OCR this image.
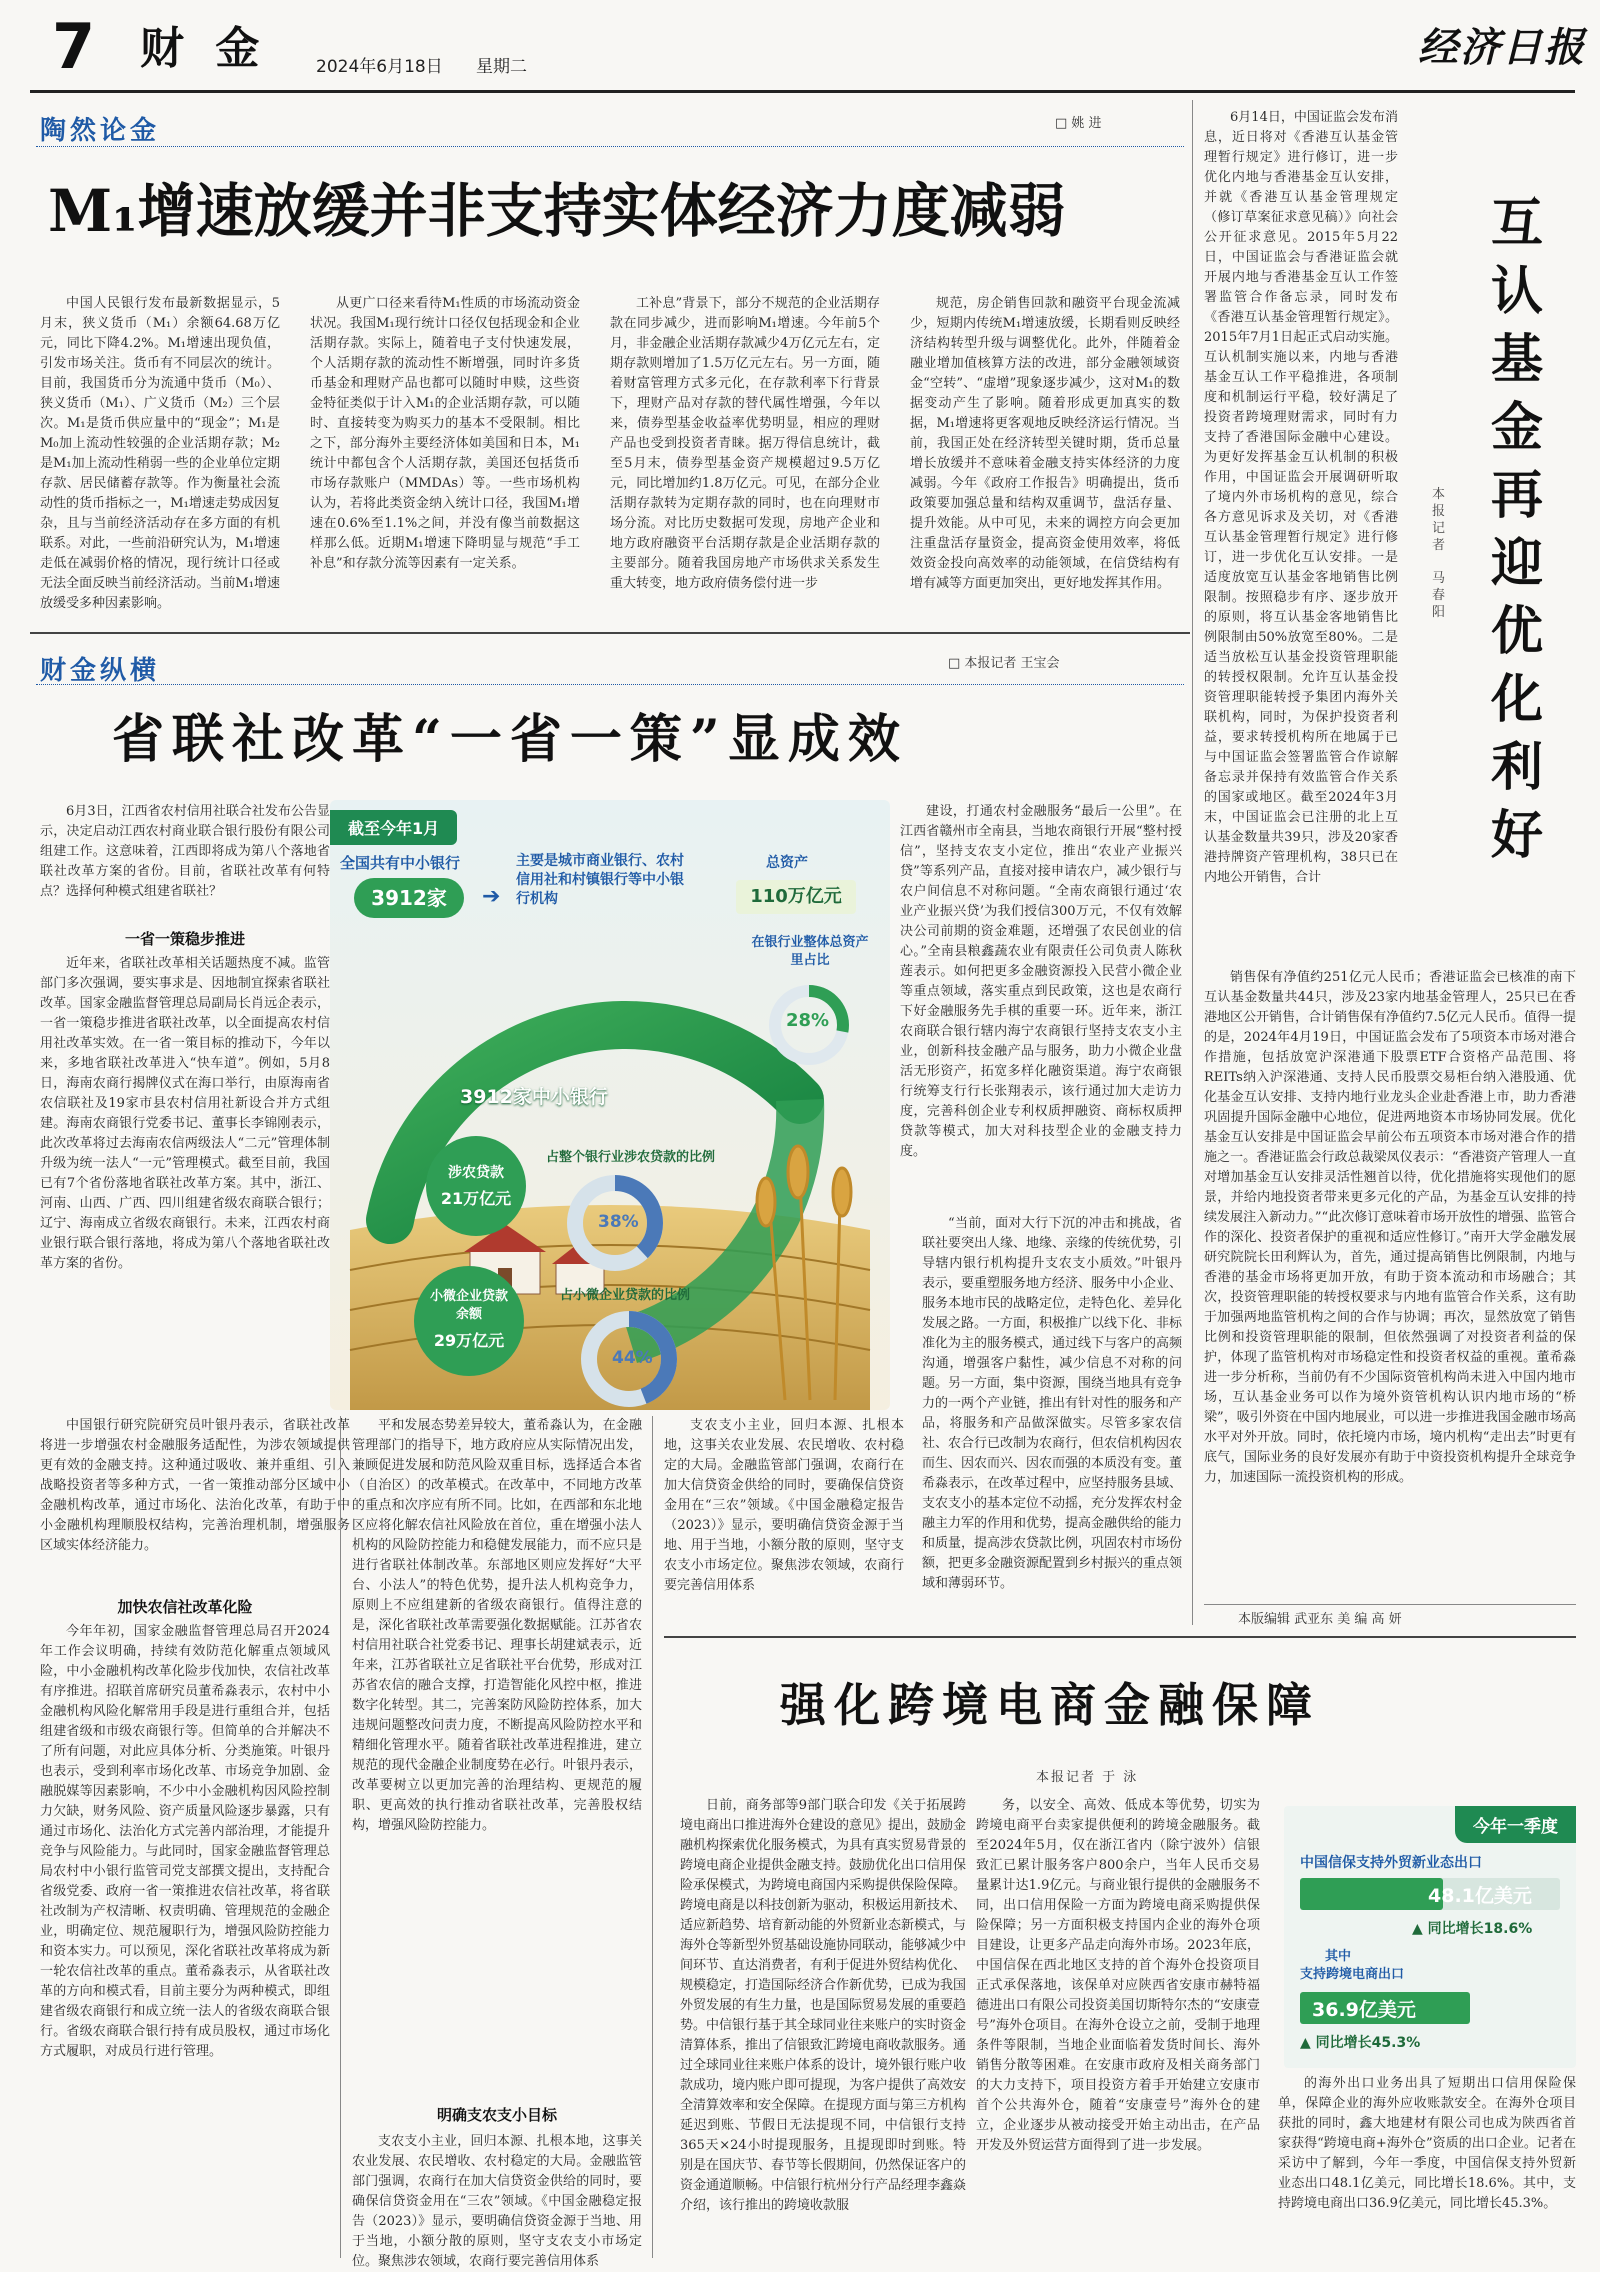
7 财 金	2024年6月18日 星期二	经济日报
陶然论金	□ 姚 进
M₁增速放缓并非支持实体经济力度减弱

中国人民银行发布最新数据显示，5月末，狭义货币（M₁）余额64.68万亿元，同比下降4.2%。M₁增速出现负值，引发市场关注。货币有不同层次的统计。目前，我国货币分为流通中货币（M₀）、狭义货币（M₁）、广义货币（M₂）三个层次。M₁是货币供应量中的“现金”；M₁是M₀加上流动性较强的企业活期存款；M₂是M₁加上流动性稍弱一些的企业单位定期存款、居民储蓄存款等。作为衡量社会流动性的货币指标之一，M₁增速走势成因复杂，且与当前经济活动存在多方面的有机联系。对此，一些前沿研究认为，M₁增速走低在减弱价格的情况，现行统计口径或无法全面反映当前经济活动。当前M₁增速放缓受多种因素影响。

从更广口径来看待M₁性质的市场流动资金状况。我国M₁现行统计口径仅包括现金和企业活期存款。实际上，随着电子支付快速发展，个人活期存款的流动性不断增强，同时许多货币基金和理财产品也都可以随时申赎，这些资金特征类似于计入M₁的企业活期存款，可以随时、直接转变为购买力的基本不受限制。相比之下，部分海外主要经济体如美国和日本，M₁统计中都包含个人活期存款，美国还包括货币市场存款账户（MMDAs）等。一些市场机构认为，若将此类资金纳入统计口径，我国M₁增速在0.6%至1.1%之间，并没有像当前数据这样那么低。近期M₁增速下降明显与规范“手工补息”和存款分流等因素有一定关系。

工补息”背景下，部分不规范的企业活期存款在同步减少，进而影响M₁增速。今年前5个月，非金融企业活期存款减少4万亿元左右，定期存款则增加了1.5万亿元左右。另一方面，随着财富管理方式多元化，在存款利率下行背景下，理财产品对存款的替代属性增强，今年以来，债券型基金收益率优势明显，相应的理财产品也受到投资者青睐。据万得信息统计，截至5月末，债券型基金资产规模超过9.5万亿元，同比增加约1.8万亿元。可见，在部分企业活期存款转为定期存款的同时，也在向理财市场分流。对比历史数据可发现，房地产企业和地方政府融资平台活期存款是企业活期存款的主要部分。随着我国房地产市场供求关系发生重大转变，地方政府债务偿付进一步

规范，房企销售回款和融资平台现金流减少，短期内传统M₁增速放缓，长期看则反映经济结构转型升级与调整优化。此外，伴随着金融业增加值核算方法的改进，部分金融领域资金“空转”、“虚增”现象逐步减少，这对M₁的数据变动产生了影响。随着形成更加真实的数据，M₁增速将更客观地反映经济运行情况。当前，我国正处在经济转型关键时期，货币总量增长放缓并不意味着金融支持实体经济的力度减弱。今年《政府工作报告》明确提出，货币政策要加强总量和结构双重调节，盘活存量、提升效能。从中可见，未来的调控方向会更加注重盘活存量资金，提高资金使用效率，将低效资金投向高效率的动能领域，在信贷结构有增有减等方面更加突出，更好地发挥其作用。

财金纵横	□ 本报记者 王宝会
省联社改革“一省一策”显成效

6月3日，江西省农村信用社联合社发布公告显示，决定启动江西农村商业联合银行股份有限公司组建工作。这意味着，江西即将成为第八个落地省联社改革方案的省份。目前，省联社改革有何特点？选择何种模式组建省联社？

一省一策稳步推进

近年来，省联社改革相关话题热度不减。监管部门多次强调，要实事求是、因地制宜探索省联社改革。国家金融监督管理总局副局长肖远企表示，一省一策稳步推进省联社改革，以全面提高农村信用社改革实效。在一省一策目标的推动下，今年以来，多地省联社改革进入“快车道”。例如，5月8日，海南农商行揭牌仪式在海口举行，由原海南省农信联社及19家市县农村信用社新设合并方式组建。海南农商银行党委书记、董事长李锦刚表示，此次改革将过去海南农信两级法人“二元”管理体制升级为统一法人“一元”管理模式。截至目前，我国已有7个省份落地省联社改革方案。其中，浙江、河南、山西、广西、四川组建省级农商联合银行；辽宁、海南成立省级农商银行。未来，江西农村商业银行联合银行落地，将成为第八个落地省联社改革方案的省份。

中国银行研究院研究员叶银丹表示，省联社改革将进一步增强农村金融服务适配性，为涉农领域提供更有效的金融支持。这种通过吸收、兼并重组、引入战略投资者等多种方式，一省一策推动部分区域中小金融机构改革，通过市场化、法治化改革，有助于中小金融机构理顺股权结构，完善治理机制，增强服务区域实体经济能力。

加快农信社改革化险

今年年初，国家金融监督管理总局召开2024年工作会议明确，持续有效防范化解重点领域风险，中小金融机构改革化险步伐加快，农信社改革有序推进。招联首席研究员董希淼表示，农村中小金融机构风险化解常用手段是进行重组合并，包括组建省级和市级农商银行等。但简单的合并解决不了所有问题，对此应具体分析、分类施策。叶银丹也表示，受到利率市场化改革、市场竞争加剧、金融脱媒等因素影响，不少中小金融机构因风险控制力欠缺，财务风险、资产质量风险逐步暴露，只有通过市场化、法治化方式完善内部治理，才能提升竞争与风险能力。与此同时，国家金融监督管理总局农村中小银行监管司党支部撰文提出，支持配合省级党委、政府一省一策推进农信社改革，将省联社改制为产权清晰、权责明确、管理规范的金融企业，明确定位、规范履职行为，增强风险防控能力和资本实力。可以预见，深化省联社改革将成为新一轮农信社改革的重点。董希淼表示，从省联社改革的方向和模式看，目前主要分为两种模式，即组建省级农商银行和成立统一法人的省级农商联合银行。省级农商联合银行持有成员股权，通过市场化方式履职，对成员行进行管理。

平和发展态势差异较大，董希淼认为，在金融管理部门的指导下，地方政府应从实际情况出发，兼顾促进发展和防范风险双重目标，选择适合本省（自治区）的改革模式。在改革中，不同地方改革的重点和次序应有所不同。比如，在西部和东北地区应将化解农信社风险放在首位，重在增强小法人机构的风险防控能力和稳健发展能力，而不应只是进行省联社体制改革。东部地区则应发挥好“大平台、小法人”的特色优势，提升法人机构竞争力，原则上不应组建新的省级农商银行。值得注意的是，深化省联社改革需要强化数据赋能。江苏省农村信用社联合社党委书记、理事长胡建斌表示，近年来，江苏省联社立足省联社平台优势，形成对江苏省农信的融合支撑，打造智能化风控中枢，推进数字化转型。其二，完善案防风险防控体系，加大违规问题整改问责力度，不断提高风险防控水平和精细化管理水平。随着省联社改革进程推进，建立规范的现代金融企业制度势在必行。叶银丹表示，改革要树立以更加完善的治理结构、更规范的履职、更高效的执行推动省联社改革，完善股权结构，增强风险防控能力。

明确支农支小目标

支农支小主业，回归本源、扎根本地，这事关农业发展、农民增收、农村稳定的大局。金融监管部门强调，农商行在加大信贷资金供给的同时，要确保信贷资金用在“三农”领域。《中国金融稳定报告（2023）》显示，要明确信贷资金源于当地、用于当地，小额分散的原则，坚守支农支小市场定位。聚焦涉农领域，农商行要完善信用体系

支农支小主业，回归本源、扎根本地，这事关农业发展、农民增收、农村稳定的大局。金融监管部门强调，农商行在加大信贷资金供给的同时，要确保信贷资金用在“三农”领域。《中国金融稳定报告（2023）》显示，要明确信贷资金源于当地、用于当地，小额分散的原则，坚守支农支小市场定位。聚焦涉农领域，农商行要完善信用体系

建设，打通农村金融服务“最后一公里”。在江西省赣州市全南县，当地农商银行开展“整村授信”，坚持支农支小定位，推出“农业产业振兴贷”等系列产品，直接对接申请农户，减少银行与农户间信息不对称问题。“全南农商银行通过‘农业产业振兴贷’为我们授信300万元，不仅有效解决公司前期的资金难题，还增强了农民创业的信心。”全南县粮鑫蔬农业有限责任公司负责人陈秋莲表示。如何把更多金融资源投入民营小微企业等重点领域，落实重点到民政策，这也是农商行下好金融服务先手棋的重要一环。近年来，浙江农商联合银行辖内海宁农商银行坚持支农支小主业，创新科技金融产品与服务，助力小微企业盘活无形资产，拓宽多样化融资渠道。海宁农商银行统筹支行行长张翔表示，该行通过加大走访力度，完善科创企业专利权质押融资、商标权质押贷款等模式，加大对科技型企业的金融支持力度。

“当前，面对大行下沉的冲击和挑战，省联社要突出人缘、地缘、亲缘的传统优势，引导辖内银行机构提升支农支小质效。”叶银丹表示，要重塑服务地方经济、服务中小企业、服务本地市民的战略定位，走特色化、差异化发展之路。一方面，积极推广以线下化、非标准化为主的服务模式，通过线下与客户的高频沟通，增强客户黏性，减少信息不对称的问题。另一方面，集中资源，围绕当地具有竞争力的一两个产业链，推出有针对性的服务和产品，将服务和产品做深做实。尽管多家农信社、农合行已改制为农商行，但农信机构因农而生、因农而兴、因农而强的本质没有变。董希淼表示，在改革过程中，应坚持服务县域、支农支小的基本定位不动摇，充分发挥农村金融主力军的作用和优势，提高金融供给的能力和质量，提高涉农贷款比例，巩固农村市场份额，把更多金融资源配置到乡村振兴的重点领域和薄弱环节。

截至今年1月
全国共有中小银行
3912家	➔
主要是城市商业银行、农村信用社和村镇银行等中小银行机构
总资产
110万亿元
在银行业整体总资产里占比
28%
3912家中小银行
涉农贷款
21万亿元
占整个银行业涉农贷款的比例
38%
小微企业贷款余额
29万亿元
占小微企业贷款的比例
44%

6月14日，中国证监会发布消息，近日将对《香港互认基金管理暂行规定》进行修订，进一步优化内地与香港基金互认安排，并就《香港互认基金管理规定（修订草案征求意见稿）》向社会公开征求意见。2015年5月22日，中国证监会与香港证监会就开展内地与香港基金互认工作签署监管合作备忘录，同时发布《香港互认基金管理暂行规定》。2015年7月1日起正式启动实施。互认机制实施以来，内地与香港基金互认工作平稳推进，各项制度和机制运行平稳，较好满足了投资者跨境理财需求，同时有力支持了香港国际金融中心建设。为更好发挥基金互认机制的积极作用，中国证监会开展调研听取了境内外市场机构的意见，综合各方意见诉求及关切，对《香港互认基金管理暂行规定》进行修订，进一步优化互认安排。一是适度放宽互认基金客地销售比例限制。按照稳步有序、逐步放开的原则，将互认基金客地销售比例限制由50%放宽至80%。二是适当放松互认基金投资管理职能的转授权限制。允许互认基金投资管理职能转授予集团内海外关联机构，同时，为保护投资者利益，要求转授机构所在地属于已与中国证监会签署监管合作谅解备忘录并保持有效监管合作关系的国家或地区。截至2024年3月末，中国证监会已注册的北上互认基金数量共39只，涉及20家香港持牌资产管理机构，38只已在内地公开销售，合计

互认基金再迎优化利好
本报记者
马春阳

销售保有净值约251亿元人民币；香港证监会已核准的南下互认基金数量共44只，涉及23家内地基金管理人，25只已在香港地区公开销售，合计销售保有净值约7.5亿元人民币。值得一提的是，2024年4月19日，中国证监会发布了5项资本市场对港合作措施，包括放宽沪深港通下股票ETF合资格产品范围、将REITs纳入沪深港通、支持人民币股票交易柜台纳入港股通、优化基金互认安排、支持内地行业龙头企业赴香港上市，助力香港巩固提升国际金融中心地位，促进两地资本市场协同发展。优化基金互认安排是中国证监会早前公布五项资本市场对港合作的措施之一。香港证监会行政总裁梁凤仪表示：“香港资产管理人一直对增加基金互认安排灵活性翘首以待，优化措施将实现他们的愿景，并给内地投资者带来更多元化的产品，为基金互认安排的持续发展注入新动力。”“此次修订意味着市场开放性的增强、监管合作的深化、投资者保护的重视和适应性修订。”南开大学金融发展研究院院长田利辉认为，首先，通过提高销售比例限制，内地与香港的基金市场将更加开放，有助于资本流动和市场融合；其次，投资管理职能的转授权要求与内地有监管合作关系，这有助于加强两地监管机构之间的合作与协调；再次，显然放宽了销售比例和投资管理职能的限制，但依然强调了对投资者利益的保护，体现了监管机构对市场稳定性和投资者权益的重视。董希淼进一步分析称，当前仍有不少国际资管机构尚未进入中国内地市场，互认基金业务可以作为境外资管机构认识内地市场的“桥梁”，吸引外资在中国内地展业，可以进一步推进我国金融市场高水平对外开放。同时，依托境内市场，境内机构“走出去”时更有底气，国际业务的良好发展亦有助于中资投资机构提升全球竞争力，加速国际一流投资机构的形成。

本版编辑 武亚东 美 编 高 妍
强化跨境电商金融保障
本报记者 于 泳

日前，商务部等9部门联合印发《关于拓展跨境电商出口推进海外仓建设的意见》提出，鼓励金融机构探索优化服务模式，为具有真实贸易背景的跨境电商企业提供金融支持。鼓励优化出口信用保险承保模式，为跨境电商国内采购提供保险保障。跨境电商是以科技创新为驱动，积极运用新技术、适应新趋势、培育新动能的外贸新业态新模式，与海外仓等新型外贸基础设施协同联动，能够减少中间环节、直达消费者，有利于促进外贸结构优化、规模稳定，打造国际经济合作新优势，已成为我国外贸发展的有生力量，也是国际贸易发展的重要趋势。中信银行基于其全球同业往来账户的实时资金清算体系，推出了信银致汇跨境电商收款服务。通过全球同业往来账户体系的设计，境外银行账户收款成功，境内账户即可提现，为客户提供了高效安全清算效率和安全保障。在提现方面与第三方机构延迟到账、节假日无法提现不同，中信银行支持365天×24小时提现服务，且提现即时到账。特别是在国庆节、春节等长假期间，仍然保证客户的资金通道顺畅。中信银行杭州分行产品经理李鑫焱介绍，该行推出的跨境收款服

务，以安全、高效、低成本等优势，切实为跨境电商平台卖家提供便利的跨境金融服务。截至2024年5月，仅在浙江省内（除宁波外）信银致汇已累计服务客户800余户，当年人民币交易量累计达1.9亿元。与商业银行提供的金融服务不同，出口信用保险一方面为跨境电商采购提供保险保障；另一方面积极支持国内企业的海外仓项目建设，让更多产品走向海外市场。2023年底，中国信保在西北地区支持的首个海外仓投资项目正式承保落地，该保单对应陕西省安康市赫特福德进出口有限公司投资美国切斯特尔杰的“安康壹号”海外仓项目。在海外仓设立之前，受制于地理条件等限制，当地企业面临着发货时间长、海外销售分散等困难。在安康市政府及相关商务部门的大力支持下，项目投资方着手开始建立安康市首个公共海外仓，随着“安康壹号”海外仓的建立，企业逐步从被动接受开始主动出击，在产品开发及外贸运营方面得到了进一步发展。

的海外出口业务出具了短期出口信用保险保单，保障企业的海外应收账款安全。在海外仓项目获批的同时，鑫大地建材有限公司也成为陕西省首家获得“跨境电商+海外仓”资质的出口企业。记者在采访中了解到，今年一季度，中国信保支持外贸新业态出口48.1亿美元，同比增长18.6%。其中，支持跨境电商出口36.9亿美元，同比增长45.3%。

今年一季度
中国信保支持外贸新业态出口
48.1亿美元
▲ 同比增长18.6%
其中
支持跨境电商出口
36.9亿美元
▲ 同比增长45.3%
